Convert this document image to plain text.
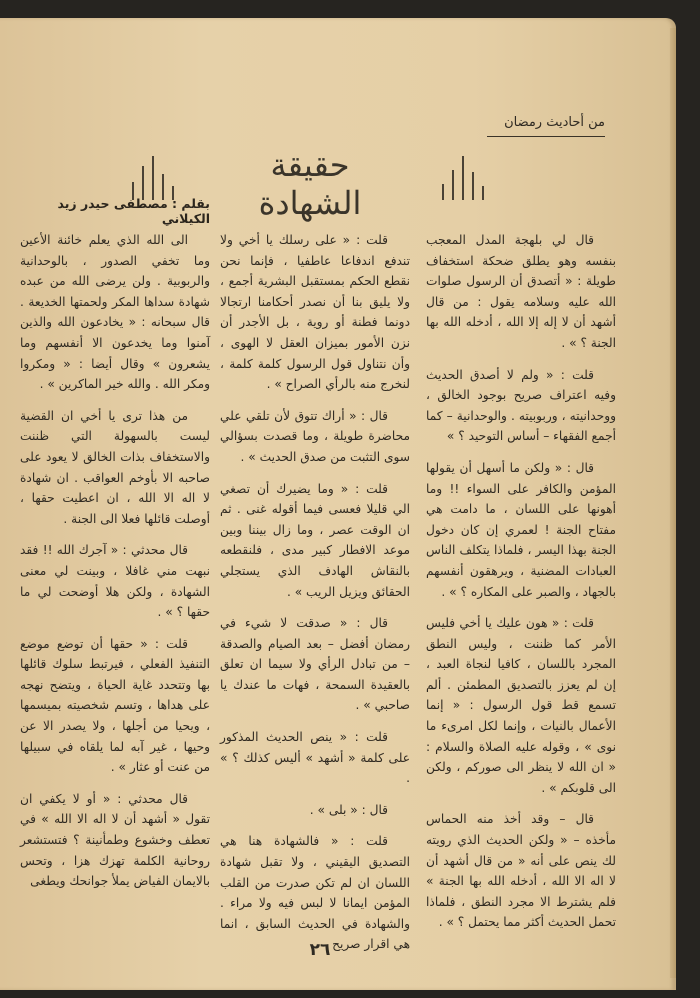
من أحاديث رمضان
حقيقة الشهادة
بقلم : مصطفى حيدر زيد الكيلاني

قال لي بلهجة المدل المعجب بنفسه وهو يطلق ضحكة استخفاف طويلة : « أتصدق أن الرسول صلوات الله عليه وسلامه يقول : من قال أشهد أن لا إله إلا الله ، أدخله الله بها الجنة ؟ » .

قلت : « ولم لا أصدق الحديث وفيه اعتراف صريح بوجود الخالق ، ووحدانيته ، وربوبيته . والوحدانية – كما أجمع الفقهاء – أساس التوحيد ؟ »

قال : « ولكن ما أسهل أن يقولها المؤمن والكافر على السواء !! وما أهونها على اللسان ، ما دامت هي مفتاح الجنة ! لعمري إن كان دخول الجنة بهذا اليسر ، فلماذا يتكلف الناس العبادات المضنية ، ويرهقون أنفسهم بالجهاد ، والصبر على المكاره ؟ » .

قلت : « هون عليك يا أخي فليس الأمر كما ظننت ، وليس النطق المجرد باللسان ، كافيا لنجاة العبد ، إن لم يعزز بالتصديق المطمئن . ألم تسمع قط قول الرسول : « إنما الأعمال بالنيات ، وإنما لكل امرىء ما نوى » ، وقوله عليه الصلاة والسلام : « ان الله لا ينظر الى صوركم ، ولكن الى قلوبكم » .

قال – وقد أخذ منه الحماس مأخذه – « ولكن الحديث الذي رويته لك ينص على أنه « من قال أشهد أن لا اله الا الله ، أدخله الله بها الجنة » فلم يشترط الا مجرد النطق ، فلماذا تحمل الحديث أكثر مما يحتمل ؟ » .

قلت : « على رسلك يا أخي ولا تندفع اندفاعا عاطفيا ، فإنما نحن نقطع الحكم بمستقبل البشرية أجمع ، ولا يليق بنا أن نصدر أحكامنا ارتجالا دونما فطنة أو روية ، بل الأجدر أن نزن الأمور بميزان العقل لا الهوى ، وأن نتناول قول الرسول كلمة كلمة ، لنخرج منه بالرأي الصراح » .

قال : « أراك تتوق لأن تلقي علي محاضرة طويلة ، وما قصدت بسؤالي سوى التثبت من صدق الحديث » .

قلت : « وما يضيرك أن تصغي الي قليلا فعسى فيما أقوله غنى . ثم ان الوقت عصر ، وما زال بيننا وبين موعد الافطار كبير مدى ، فلنقطعه بالنقاش الهادف الذي يستجلي الحقائق ويزيل الريب » .

قال : « صدقت لا شيء في رمضان أفضل – بعد الصيام والصدقة – من تبادل الرأي ولا سيما ان تعلق بالعقيدة السمحة ، فهات ما عندك يا صاحبي » .

قلت : « ينص الحديث المذكور على كلمة « أشهد » أليس كذلك ؟ » .

قال : « بلى » .

قلت : « فالشهادة هنا هي التصديق اليقيني ، ولا تقبل شهادة اللسان ان لم تكن صدرت من القلب المؤمن ايمانا لا لبس فيه ولا مراء . والشهادة في الحديث السابق ، انما هي اقرار صريح

الى الله الذي يعلم خائنة الأعين وما تخفي الصدور ، بالوحدانية والربوبية . ولن يرضى الله من عبده شهادة سداها المكر ولحمتها الخديعة . قال سبحانه : « يخادعون الله والذين آمنوا وما يخدعون الا أنفسهم وما يشعرون » وقال أيضا : « ومكروا ومكر الله . والله خير الماكرين » .

من هذا ترى يا أخي ان القضية ليست بالسهولة التي ظننت والاستخفاف بذات الخالق لا يعود على صاحبه الا بأوخم العواقب . ان شهادة لا اله الا الله ، ان اعطيت حقها ، أوصلت قائلها فعلا الى الجنة .

قال محدثي : « آجرك الله !! فقد نبهت مني غافلا ، وبينت لي معنى الشهادة ، ولكن هلا أوضحت لي ما حقها ؟ » .

قلت : « حقها أن توضع موضع التنفيذ الفعلي ، فيرتبط سلوك قائلها بها وتتحدد غاية الحياة ، ويتضح نهجه على هداها ، وتسم شخصيته بميسمها ، ويحيا من أجلها ، ولا يصدر الا عن وحيها ، غير آبه لما يلقاه في سبيلها من عنت أو عثار » .

قال محدثي : « أو لا يكفي ان تقول « أشهد أن لا اله الا الله » في تعطف وخشوع وطمأنينة ؟ فتستشعر روحانية الكلمة تهزك هزا ، وتحس بالايمان الفياض يملأ جوانحك ويطغى

٢٦
